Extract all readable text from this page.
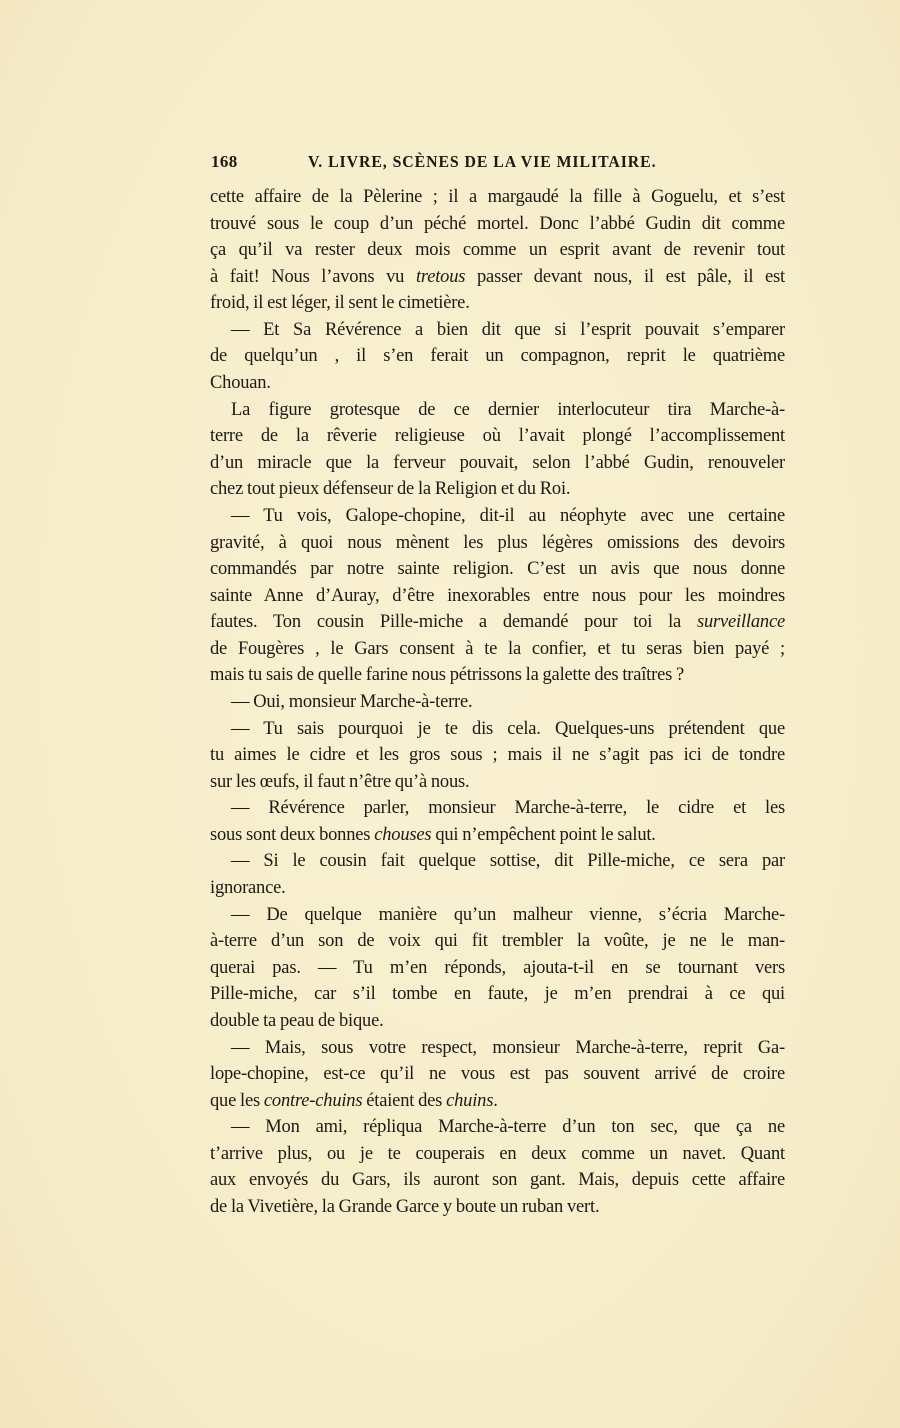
168	V. LIVRE, SCÈNES DE LA VIE MILITAIRE.
cette affaire de la Pèlerine ; il a margaudé la fille à Goguelu, et s’est
trouvé sous le coup d’un péché mortel. Donc l’abbé Gudin dit comme
ça qu’il va rester deux mois comme un esprit avant de revenir tout
à fait! Nous l’avons vu tretous passer devant nous, il est pâle, il est
froid, il est léger, il sent le cimetière.
— Et Sa Révérence a bien dit que si l’esprit pouvait s’emparer
de quelqu’un , il s’en ferait un compagnon, reprit le quatrième
Chouan.
La figure grotesque de ce dernier interlocuteur tira Marche-à-
terre de la rêverie religieuse où l’avait plongé l’accomplissement
d’un miracle que la ferveur pouvait, selon l’abbé Gudin, renouveler
chez tout pieux défenseur de la Religion et du Roi.
— Tu vois, Galope-chopine, dit-il au néophyte avec une certaine
gravité, à quoi nous mènent les plus légères omissions des devoirs
commandés par notre sainte religion. C’est un avis que nous donne
sainte Anne d’Auray, d’être inexorables entre nous pour les moindres
fautes. Ton cousin Pille-miche a demandé pour toi la surveillance
de Fougères , le Gars consent à te la confier, et tu seras bien payé ;
mais tu sais de quelle farine nous pétrissons la galette des traîtres ?
— Oui, monsieur Marche-à-terre.
— Tu sais pourquoi je te dis cela. Quelques-uns prétendent que
tu aimes le cidre et les gros sous ; mais il ne s’agit pas ici de tondre
sur les œufs, il faut n’être qu’à nous.
— Révérence parler, monsieur Marche-à-terre, le cidre et les
sous sont deux bonnes chouses qui n’empêchent point le salut.
— Si le cousin fait quelque sottise, dit Pille-miche, ce sera par
ignorance.
— De quelque manière qu’un malheur vienne, s’écria Marche-
à-terre d’un son de voix qui fit trembler la voûte, je ne le man-
querai pas. — Tu m’en réponds, ajouta-t-il en se tournant vers
Pille-miche, car s’il tombe en faute, je m’en prendrai à ce qui
double ta peau de bique.
— Mais, sous votre respect, monsieur Marche-à-terre, reprit Ga-
lope-chopine, est-ce qu’il ne vous est pas souvent arrivé de croire
que les contre-chuins étaient des chuins.
— Mon ami, répliqua Marche-à-terre d’un ton sec, que ça ne
t’arrive plus, ou je te couperais en deux comme un navet. Quant
aux envoyés du Gars, ils auront son gant. Mais, depuis cette affaire
de la Vivetière, la Grande Garce y boute un ruban vert.
